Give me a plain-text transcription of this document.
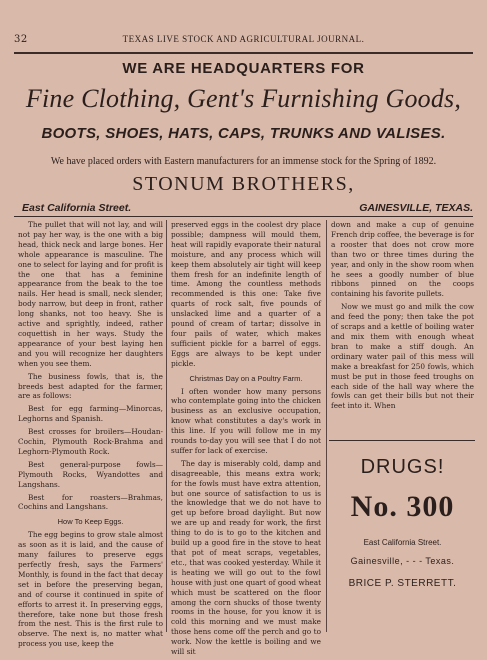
32	TEXAS LIVE STOCK AND AGRICULTURAL JOURNAL.
WE ARE HEADQUARTERS FOR
Fine Clothing, Gent's Furnishing Goods,
BOOTS, SHOES, HATS, CAPS, TRUNKS AND VALISES.
We have placed orders with Eastern manufacturers for an immense stock for the Spring of 1892.
STONUM BROTHERS,
East California Street.	GAINESVILLE, TEXAS.

The pullet that will not lay, and will not pay her way, is the one with a big head, thick neck and large bones. Her whole appearance is masculine. The one to select for laying and for profit is the one that has a feminine appearance from the beak to the toe nails. Her head is small, neck slender, body narrow, but deep in front, rather long shanks, not too heavy. She is active and sprightly, indeed, rather coquettish in her ways. Study the appearance of your best laying hen and you will recognize her daughters when you see them.

The business fowls, that is, the breeds best adapted for the farmer, are as follows:

Best for egg farming—Minorcas, Leghorns and Spanish.

Best crosses for broilers—Houdan-Cochin, Plymouth Rock-Brahma and Leghorn-Plymouth Rock.

Best general-purpose fowls—Plymouth Rocks, Wyandottes and Langshans.

Best for roasters—Brahmas, Cochins and Langshans.

How To Keep Eggs.

The egg begins to grow stale almost as soon as it is laid, and the cause of many failures to preserve eggs perfectly fresh, says the Farmers' Monthly, is found in the fact that decay set in before the preserving began, and of course it continued in spite of efforts to arrest it. In preserving eggs, therefore, take none but those fresh from the nest. This is the first rule to observe. The next is, no matter what process you use, keep the

preserved eggs in the coolest dry place possible; dampness will mould them, heat will rapidly evaporate their natural moisture, and any process which will keep them absolutely air tight will keep them fresh for an indefinite length of time. Among the countless methods recommended is this one: Take five quarts of rock salt, five pounds of unslacked lime and a quarter of a pound of cream of tartar; dissolve in four pails of water, which makes sufficient pickle for a barrel of eggs. Eggs are always to be kept under pickle.

Christmas Day on a Poultry Farm.

I often wonder how many persons who contemplate going into the chicken business as an exclusive occupation, know what constitutes a day's work in this line. If you will follow me in my rounds to-day you will see that I do not suffer for lack of exercise.

The day is miserably cold, damp and disagreeable, this means extra work; for the fowls must have extra attention, but one source of satisfaction to us is the knowledge that we do not have to get up before broad daylight. But now we are up and ready for work, the first thing to do is to go to the kitchen and build up a good fire in the stove to heat that pot of meat scraps, vegetables, etc., that was cooked yesterday. While it is heating we will go out to the fowl house with just one quart of good wheat which must be scattered on the floor among the corn shucks of those twenty rooms in the house, for you know it is cold this morning and we must make those hens come off the perch and go to work. Now the kettle is boiling and we will sit

down and make a cup of genuine French drip coffee, the beverage is for a rooster that does not crow more than two or three times during the year, and only in the show room when he sees a goodly number of blue ribbons pinned on the coops containing his favorite pullets.

Now we must go and milk the cow and feed the pony; then take the pot of scraps and a kettle of boiling water and mix them with enough wheat bran to make a stiff dough. An ordinary water pail of this mess will make a breakfast for 250 fowls, which must be put in those feed troughs on each side of the hall way where the fowls can get their bills but not their feet into it. When

DRUGS!
No. 300
East California Street.
Gainesville, - - - Texas.
BRICE P. STERRETT.
